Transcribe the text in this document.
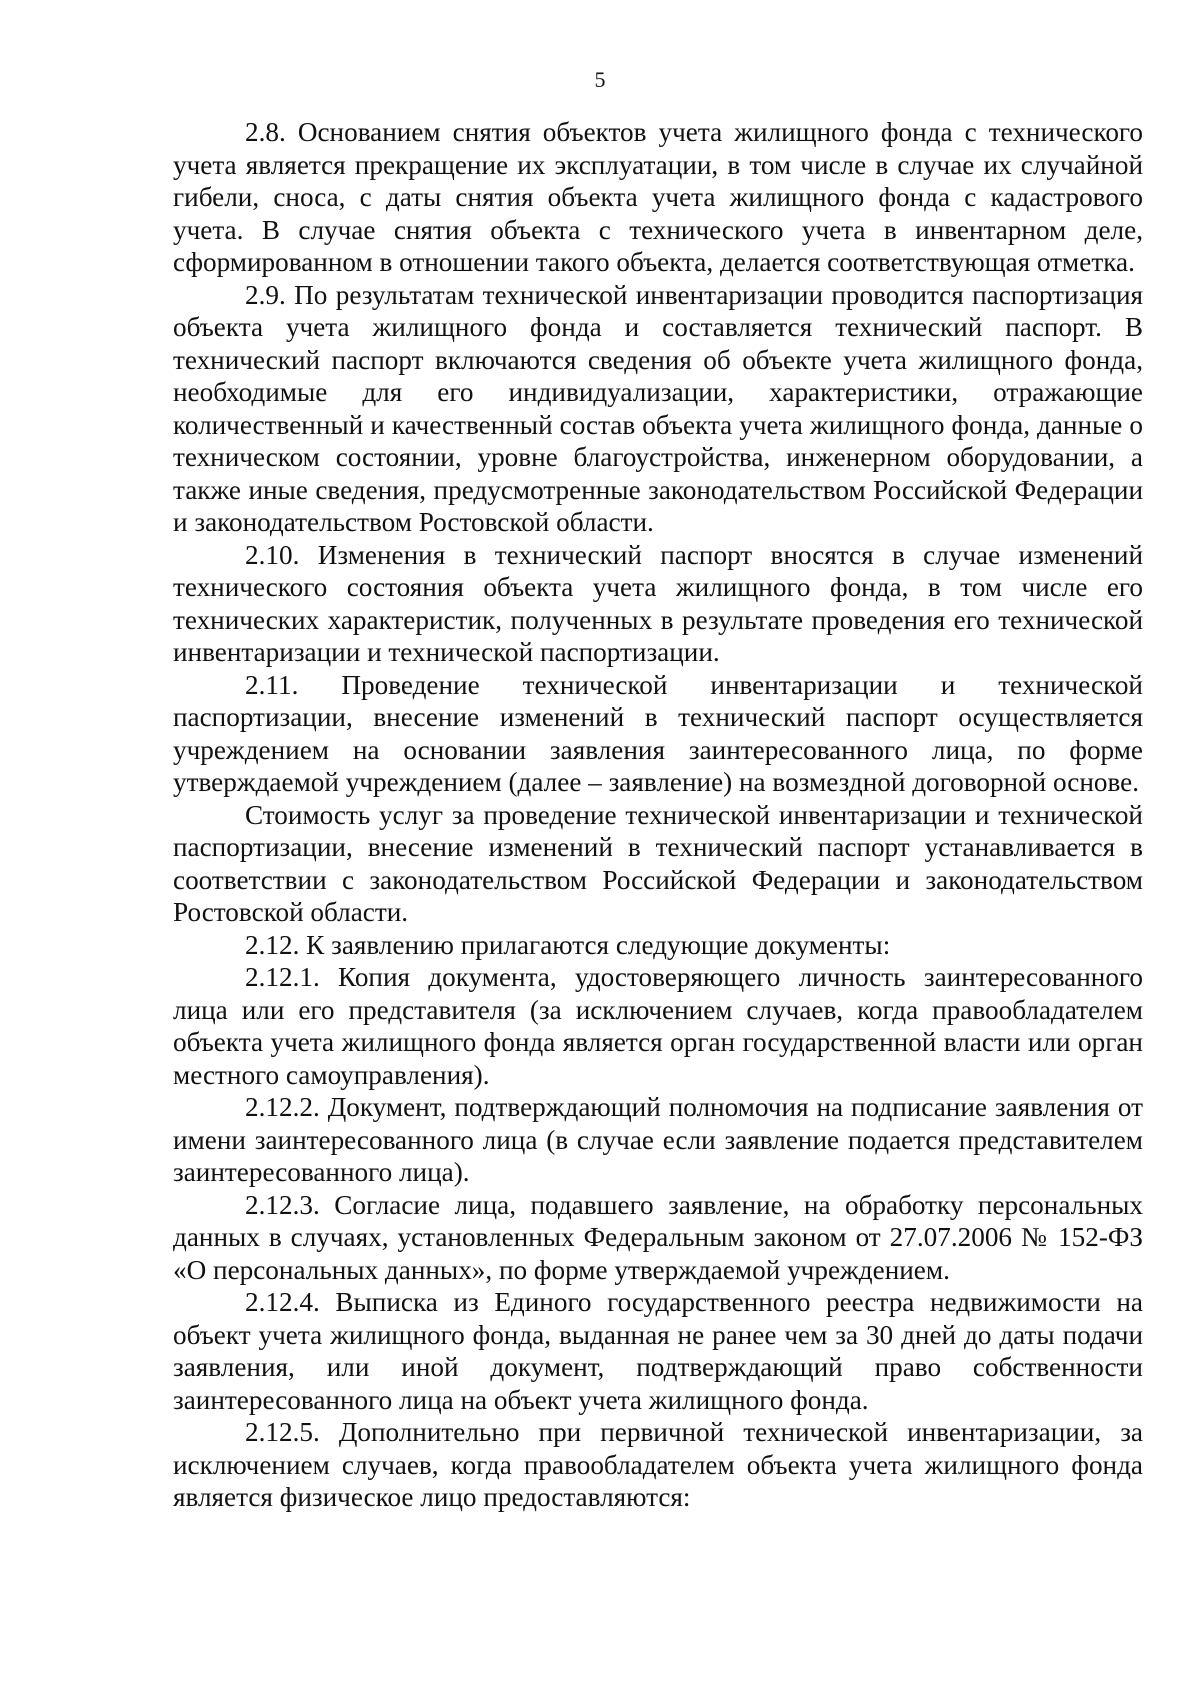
5

2.8. Основанием снятия объектов учета жилищного фонда с технического учета является прекращение их эксплуатации, в том числе в случае их случайной гибели, сноса, с даты снятия объекта учета жилищного фонда с кадастрового учета. В случае снятия объекта с технического учета в инвентарном деле, сформированном в отношении такого объекта, делается соответствующая отметка.

2.9. По результатам технической инвентаризации проводится паспортизация объекта учета жилищного фонда и составляется технический паспорт. В технический паспорт включаются сведения об объекте учета жилищного фонда, необходимые для его индивидуализации, характеристики, отражающие количественный и качественный состав объекта учета жилищного фонда, данные о техническом состоянии, уровне благоустройства, инженерном оборудовании, а также иные сведения, предусмотренные законодательством Российской Федерации и законодательством Ростовской области.

2.10. Изменения в технический паспорт вносятся в случае изменений технического состояния объекта учета жилищного фонда, в том числе его технических характеристик, полученных в результате проведения его технической инвентаризации и технической паспортизации.

2.11. Проведение технической инвентаризации и технической паспортизации, внесение изменений в технический паспорт осуществляется учреждением на основании заявления заинтересованного лица, по форме утверждаемой учреждением (далее – заявление) на возмездной договорной основе.

Стоимость услуг за проведение технической инвентаризации и технической паспортизации, внесение изменений в технический паспорт устанавливается в соответствии с законодательством Российской Федерации и законодательством Ростовской области.

2.12. К заявлению прилагаются следующие документы:

2.12.1. Копия документа, удостоверяющего личность заинтересованного лица или его представителя (за исключением случаев, когда правообладателем объекта учета жилищного фонда является орган государственной власти или орган местного самоуправления).

2.12.2. Документ, подтверждающий полномочия на подписание заявления от имени заинтересованного лица (в случае если заявление подается представителем заинтересованного лица).

2.12.3. Согласие лица, подавшего заявление, на обработку персональных данных в случаях, установленных Федеральным законом от 27.07.2006 № 152-ФЗ «О персональных данных», по форме утверждаемой учреждением.

2.12.4. Выписка из Единого государственного реестра недвижимости на объект учета жилищного фонда, выданная не ранее чем за 30 дней до даты подачи заявления, или иной документ, подтверждающий право собственности заинтересованного лица на объект учета жилищного фонда.

2.12.5. Дополнительно при первичной технической инвентаризации, за исключением случаев, когда правообладателем объекта учета жилищного фонда является физическое лицо предоставляются:
